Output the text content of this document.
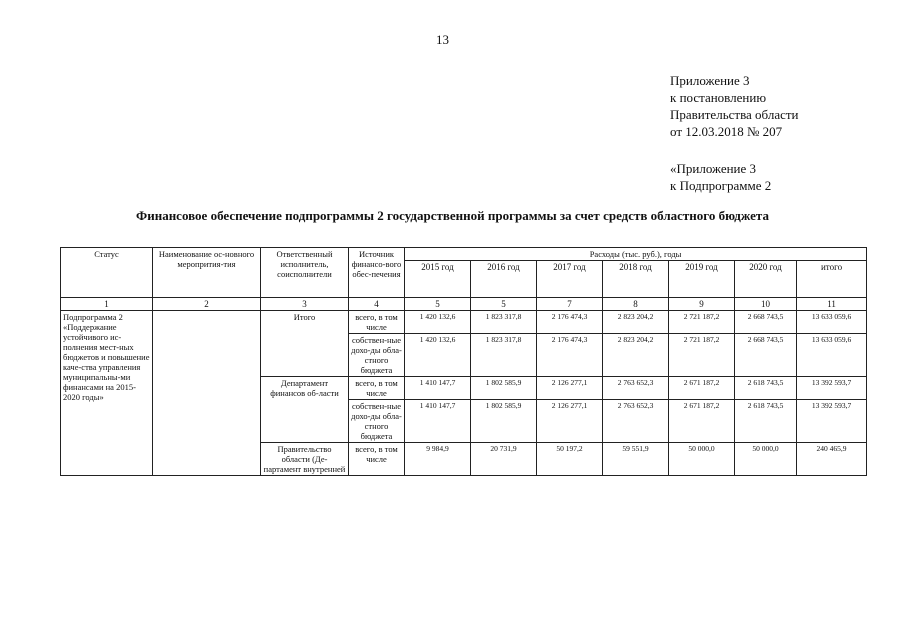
13
Приложение 3
к постановлению
Правительства области
от 12.03.2018 № 207
«Приложение 3
к Подпрограмме 2
Финансовое обеспечение подпрограммы 2 государственной программы за счет средств областного бюджета
Статус	Наименование ос-новного меропрития-тия	Ответственный исполнитель, соисполнители	Источник финансо-вого обес-печения	Расходы (тыс. руб.), годы						
				2015 год	2016 год	2017 год	2018 год	2019 год	2020 год	итого
1	2	3	4	5	5	7	8	9	10	11
Подпрограмма 2 «Поддержание устойчивого ис-полнения мест-ных бюджетов и повышение каче-ства управления муниципальны-ми финансами на 2015-2020 годы»		Итого	всего, в том числе	1 420 132,6	1 823 317,8	2 176 474,3	2 823 204,2	2 721 187,2	2 668 743,5	13 633 059,6
			собствен-ные дохо-ды обла-стного бюджета	1 420 132,6	1 823 317,8	2 176 474,3	2 823 204,2	2 721 187,2	2 668 743,5	13 633 059,6
		Департамент финансов об-ласти	всего, в том числе	1 410 147,7	1 802 585,9	2 126 277,1	2 763 652,3	2 671 187,2	2 618 743,5	13 392 593,7
			собствен-ные дохо-ды обла-стного бюджета	1 410 147,7	1 802 585,9	2 126 277,1	2 763 652,3	2 671 187,2	2 618 743,5	13 392 593,7
		Правительство области (Де-партамент внутренней	всего, в том числе	9 984,9	20 731,9	50 197,2	59 551,9	50 000,0	50 000,0	240 465,9
